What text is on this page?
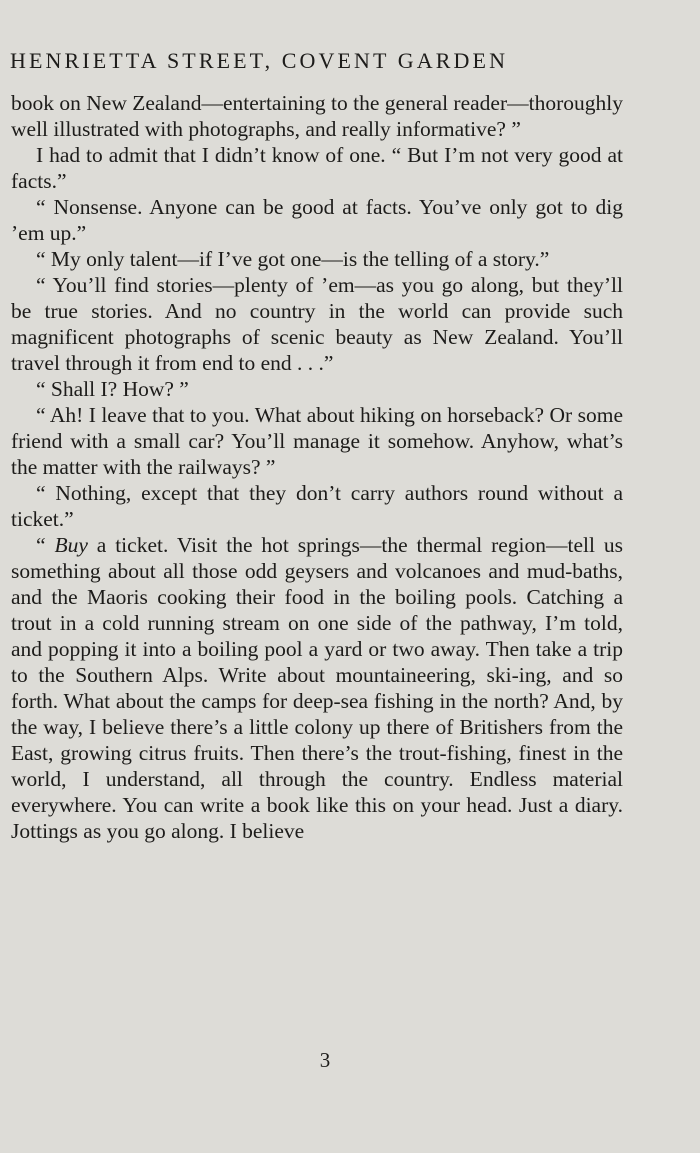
HENRIETTA STREET, COVENT GARDEN

book on New Zealand—entertaining to the general reader—thoroughly well illustrated with photographs, and really informative? ”

I had to admit that I didn’t know of one. “ But I’m not very good at facts.”

“ Nonsense. Anyone can be good at facts. You’ve only got to dig ’em up.”

“ My only talent—if I’ve got one—is the telling of a story.”

“ You’ll find stories—plenty of ’em—as you go along, but they’ll be true stories. And no country in the world can provide such magnificent photographs of scenic beauty as New Zealand. You’ll travel through it from end to end . . .”

“ Shall I? How? ”

“ Ah! I leave that to you. What about hiking on horseback? Or some friend with a small car? You’ll manage it somehow. Anyhow, what’s the matter with the railways? ”

“ Nothing, except that they don’t carry authors round without a ticket.”

“ Buy a ticket. Visit the hot springs—the thermal region—tell us something about all those odd geysers and volcanoes and mud-baths, and the Maoris cooking their food in the boiling pools. Catching a trout in a cold running stream on one side of the pathway, I’m told, and popping it into a boiling pool a yard or two away. Then take a trip to the Southern Alps. Write about mountaineering, ski-ing, and so forth. What about the camps for deep-sea fishing in the north? And, by the way, I believe there’s a little colony up there of Britishers from the East, growing citrus fruits. Then there’s the trout-fishing, finest in the world, I understand, all through the country. Endless material everywhere. You can write a book like this on your head. Just a diary. Jottings as you go along. I believe

3
